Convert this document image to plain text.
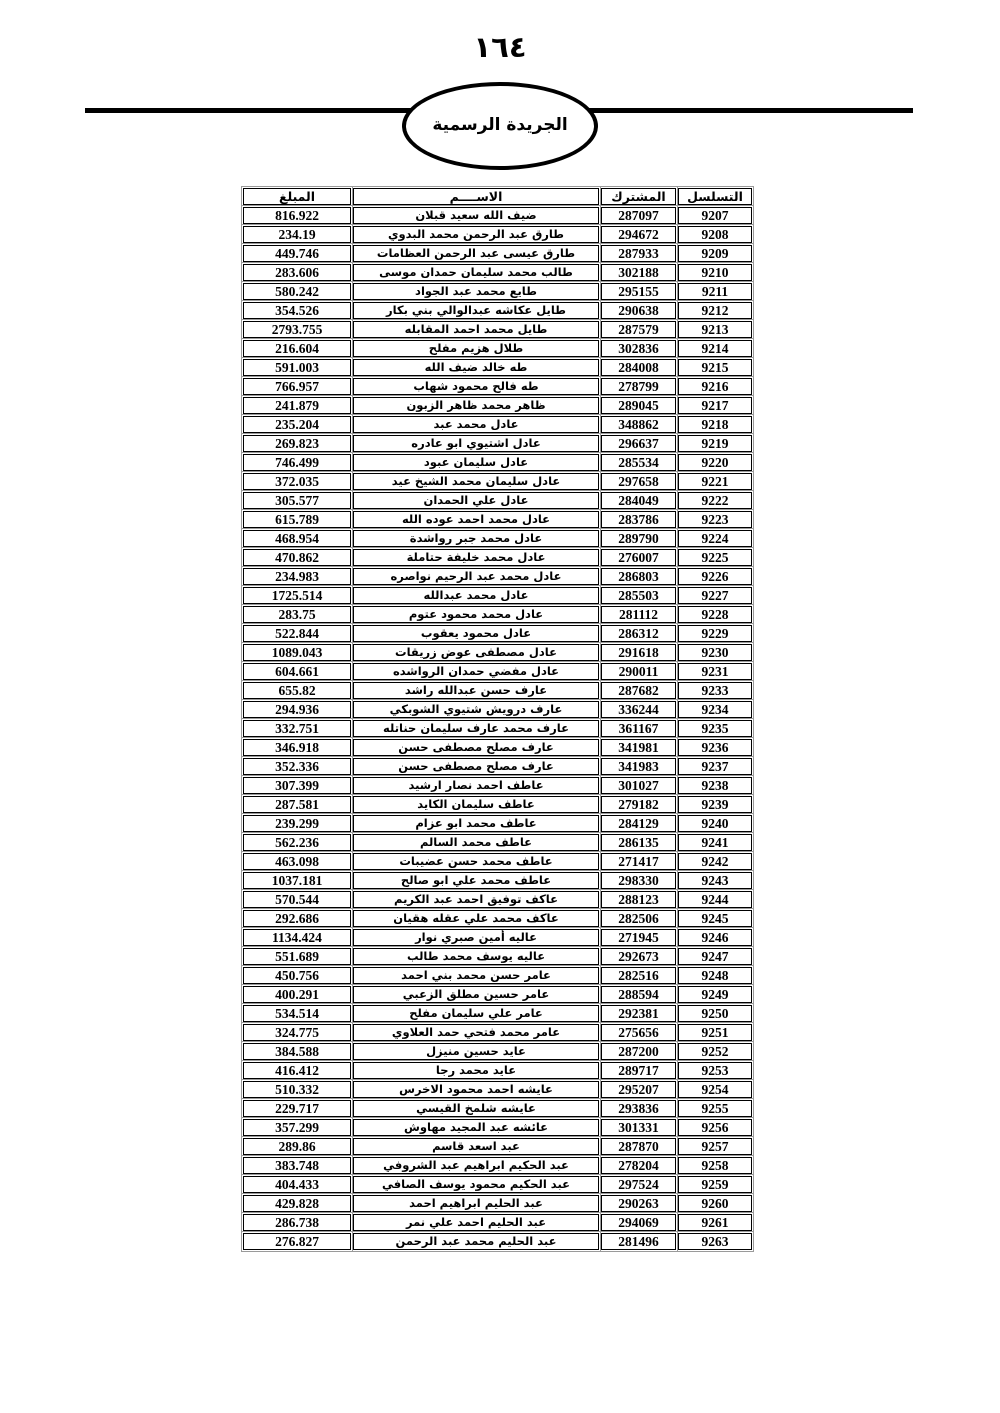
١٦٤
الجريدة الرسمية
التسلسل	المشترك	الاســــم	المبلغ
9207	287097	ضيف الله سعيد قبلان	816.922
9208	294672	طارق عبد الرحمن محمد البدوي	234.19
9209	287933	طارق عيسى عبد الرحمن العظامات	449.746
9210	302188	طالب محمد سليمان حمدان موسى	283.606
9211	295155	طايع محمد عبد الجواد	580.242
9212	290638	طايل عكاشه عبدالوالي بني بكار	354.526
9213	287579	طايل محمد احمد المقابله	2793.755
9214	302836	طلال هزيم مفلح	216.604
9215	284008	طه خالد ضيف الله	591.003
9216	278799	طه فالح محمود شهاب	766.957
9217	289045	ظاهر محمد ظاهر الزبون	241.879
9218	348862	عادل محمد عبد	235.204
9219	296637	عادل اشتيوي ابو عادره	269.823
9220	285534	عادل سليمان عبود	746.499
9221	297658	عادل سليمان محمد الشيخ عيد	372.035
9222	284049	عادل علي الحمدان	305.577
9223	283786	عادل محمد احمد عوده الله	615.789
9224	289790	عادل محمد جبر رواشدة	468.954
9225	276007	عادل محمد خليفة حتاملة	470.862
9226	286803	عادل محمد عبد الرحيم نواصره	234.983
9227	285503	عادل محمد عبدالله	1725.514
9228	281112	عادل محمد محمود عتوم	283.75
9229	286312	عادل محمود يعقوب	522.844
9230	291618	عادل مصطفى عوض زريقات	1089.043
9231	290011	عادل مفضي حمدان الرواشده	604.661
9233	287682	عارف حسن عبدالله راشد	655.82
9234	336244	عارف درويش شتيوي الشوبكي	294.936
9235	361167	عارف محمد عارف سليمان حناتله	332.751
9236	341981	عارف مصلح مصطفى حسن	346.918
9237	341983	عارف مصلح مصطفى حسن	352.336
9238	301027	عاطف احمد نصار ارشيد	307.399
9239	279182	عاطف سليمان الكايد	287.581
9240	284129	عاطف محمد ابو عزام	239.299
9241	286135	عاطف محمد السالم	562.236
9242	271417	عاطف محمد حسن عضيبات	463.098
9243	298330	عاطف محمد علي ابو صالح	1037.181
9244	288123	عاكف توفيق احمد عبد الكريم	570.544
9245	282506	عاكف محمد علي عقله هقيان	292.686
9246	271945	عاليه أمين صبري نوار	1134.424
9247	292673	عاليه يوسف محمد طالب	551.689
9248	282516	عامر حسن محمد بني احمد	450.756
9249	288594	عامر حسين مطلق الزعبي	400.291
9250	292381	عامر علي سليمان مفلح	534.514
9251	275656	عامر محمد فتحي حمد العلاوي	324.775
9252	287200	عايد حسين منيزل	384.588
9253	289717	عايد محمد رجا	416.412
9254	295207	عايشه احمد محمود الاخرس	510.332
9255	293836	عايشه شلمخ القيسي	229.717
9256	301331	عائشه عبد المجيد مهاوش	357.299
9257	287870	عبد اسعد قاسم	289.86
9258	278204	عبد الحكيم ابراهيم عبد الشروفي	383.748
9259	297524	عبد الحكيم محمود يوسف الصافي	404.433
9260	290263	عبد الحليم ابراهيم احمد	429.828
9261	294069	عبد الحليم احمد علي نمر	286.738
9263	281496	عبد الحليم محمد عبد الرحمن	276.827
